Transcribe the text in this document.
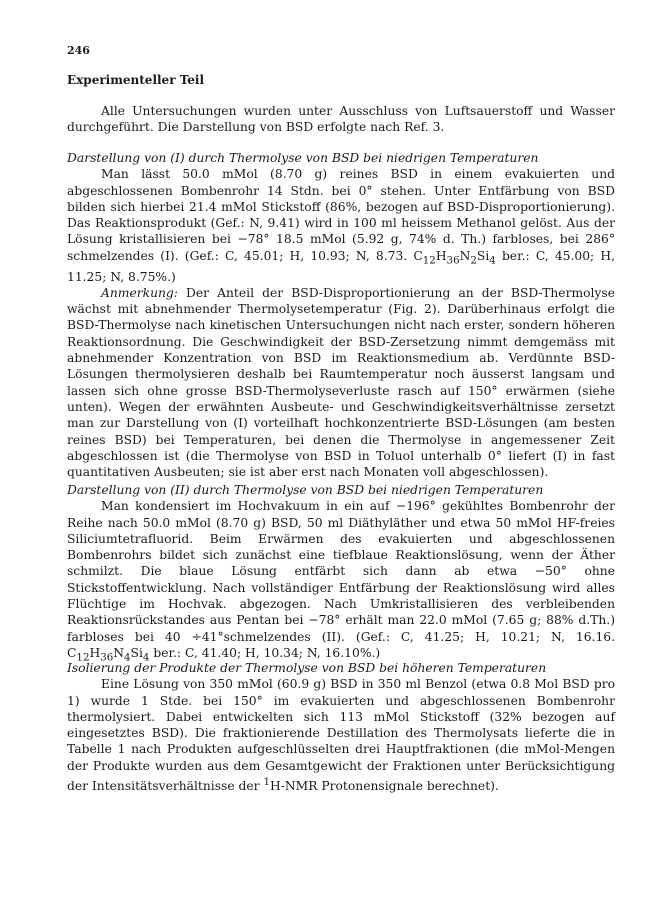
246
Experimenteller Teil

Alle Untersuchungen wurden unter Ausschluss von Luftsauerstoff und Wasser durchgeführt. Die Darstellung von BSD erfolgte nach Ref. 3.

Darstellung von (I) durch Thermolyse von BSD bei niedrigen Temperaturen

Man lässt 50.0 mMol (8.70 g) reines BSD in einem evakuierten und abgeschlossenen Bombenrohr 14 Stdn. bei 0° stehen. Unter Entfärbung von BSD bilden sich hierbei 21.4 mMol Stickstoff (86%, bezogen auf BSD-Disproportionierung). Das Reaktionsprodukt (Gef.: N, 9.41) wird in 100 ml heissem Methanol gelöst. Aus der Lösung kristallisieren bei −78° 18.5 mMol (5.92 g, 74% d. Th.) farbloses, bei 286° schmelzendes (I). (Gef.: C, 45.01; H, 10.93; N, 8.73. $C_{12}H_{36}N_2Si_4$ ber.: C, 45.00; H, 11.25; N, 8.75%.)

Anmerkung: Der Anteil der BSD-Disproportionierung an der BSD-Thermolyse wächst mit abnehmender Thermolysetemperatur (Fig. 2). Darüberhinaus erfolgt die BSD-Thermolyse nach kinetischen Untersuchungen nicht nach erster, sondern höheren Reaktionsordnung. Die Geschwindigkeit der BSD-Zersetzung nimmt demgemäss mit abnehmender Konzentration von BSD im Reaktionsmedium ab. Verdünnte BSD-Lösungen thermolysieren deshalb bei Raumtemperatur noch äusserst langsam und lassen sich ohne grosse BSD-Thermolyseverluste rasch auf 150° erwärmen (siehe unten). Wegen der erwähnten Ausbeute- und Geschwindigkeitsverhältnisse zersetzt man zur Darstellung von (I) vorteilhaft hochkonzentrierte BSD-Lösungen (am besten reines BSD) bei Temperaturen, bei denen die Thermolyse in angemessener Zeit abgeschlossen ist (die Thermolyse von BSD in Toluol unterhalb 0° liefert (I) in fast quantitativen Ausbeuten; sie ist aber erst nach Monaten voll abgeschlossen).

Darstellung von (II) durch Thermolyse von BSD bei niedrigen Temperaturen

Man kondensiert im Hochvakuum in ein auf −196° gekühltes Bombenrohr der Reihe nach 50.0 mMol (8.70 g) BSD, 50 ml Diäthyläther und etwa 50 mMol HF-freies Siliciumtetrafluorid. Beim Erwärmen des evakuierten und abgeschlossenen Bombenrohrs bildet sich zunächst eine tiefblaue Reaktionslösung, wenn der Äther schmilzt. Die blaue Lösung entfärbt sich dann ab etwa −50° ohne Stickstoffentwicklung. Nach vollständiger Entfärbung der Reaktionslösung wird alles Flüchtige im Hochvak. abgezogen. Nach Umkristallisieren des verbleibenden Reaktionsrückstandes aus Pentan bei −78° erhält man 22.0 mMol (7.65 g; 88% d.Th.) farbloses bei 40 ÷41°schmelzendes (II). (Gef.: C, 41.25; H, 10.21; N, 16.16. $C_{12}H_{36}N_4Si_4$ ber.: C, 41.40; H, 10.34; N, 16.10%.)

Isolierung der Produkte der Thermolyse von BSD bei höheren Temperaturen

Eine Lösung von 350 mMol (60.9 g) BSD in 350 ml Benzol (etwa 0.8 Mol BSD pro 1) wurde 1 Stde. bei 150° im evakuierten und abgeschlossenen Bombenrohr thermolysiert. Dabei entwickelten sich 113 mMol Stickstoff (32% bezogen auf eingesetztes BSD). Die fraktionierende Destillation des Thermolysats lieferte die in Tabelle 1 nach Produkten aufgeschlüsselten drei Hauptfraktionen (die mMol-Mengen der Produkte wurden aus dem Gesamtgewicht der Fraktionen unter Berücksichtigung der Intensitätsverhältnisse der $^1$H-NMR Protonensignale berechnet).
